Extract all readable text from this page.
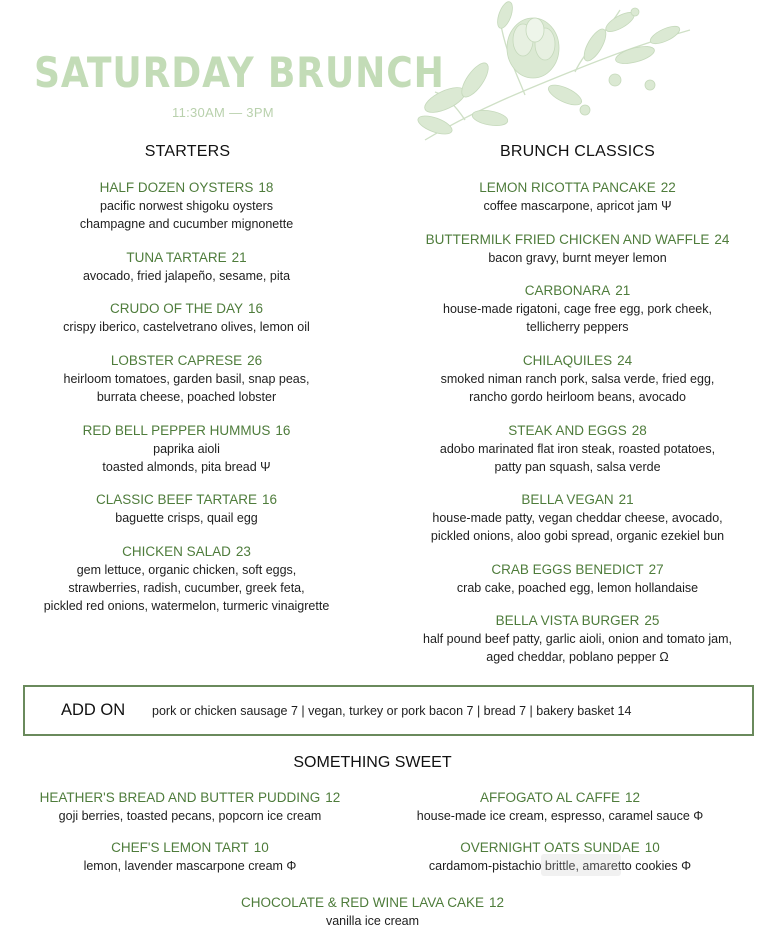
SATURDAY BRUNCH
11:30AM — 3PM
STARTERS	BRUNCH CLASSICS
HALF DOZEN OYSTERS 18
pacific norwest shigoku oysters
champagne and cucumber mignonette
TUNA TARTARE 21
avocado, fried jalapeño, sesame, pita
CRUDO OF THE DAY 16
crispy iberico, castelvetrano olives, lemon oil
LOBSTER CAPRESE 26
heirloom tomatoes, garden basil, snap peas,
burrata cheese, poached lobster
RED BELL PEPPER HUMMUS 16
paprika aioli
toasted almonds, pita bread Ψ
CLASSIC BEEF TARTARE 16
baguette crisps, quail egg
CHICKEN SALAD 23
gem lettuce, organic chicken, soft eggs,
strawberries, radish, cucumber, greek feta,
pickled red onions, watermelon, turmeric vinaigrette
LEMON RICOTTA PANCAKE 22
coffee mascarpone, apricot jam Ψ
BUTTERMILK FRIED CHICKEN AND WAFFLE 24
bacon gravy, burnt meyer lemon
CARBONARA 21
house-made rigatoni, cage free egg, pork cheek,
tellicherry peppers
CHILAQUILES 24
smoked niman ranch pork, salsa verde, fried egg,
rancho gordo heirloom beans, avocado
STEAK AND EGGS 28
adobo marinated flat iron steak, roasted potatoes,
patty pan squash, salsa verde
BELLA VEGAN 21
house-made patty, vegan cheddar cheese, avocado,
pickled onions, aloo gobi spread, organic ezekiel bun
CRAB EGGS BENEDICT 27
crab cake, poached egg, lemon hollandaise
BELLA VISTA BURGER 25
half pound beef patty, garlic aioli, onion and tomato jam,
aged cheddar, poblano pepper Ω
ADD ON pork or chicken sausage 7 | vegan, turkey or pork bacon 7 | bread 7 | bakery basket 14
SOMETHING SWEET
HEATHER'S BREAD AND BUTTER PUDDING 12
goji berries, toasted pecans, popcorn ice cream
CHEF'S LEMON TART 10
lemon, lavender mascarpone cream Φ
AFFOGATO AL CAFFE 12
house-made ice cream, espresso, caramel sauce Φ
OVERNIGHT OATS SUNDAE 10
cardamom-pistachio brittle, amaretto cookies Φ
CHOCOLATE & RED WINE LAVA CAKE 12
vanilla ice cream
